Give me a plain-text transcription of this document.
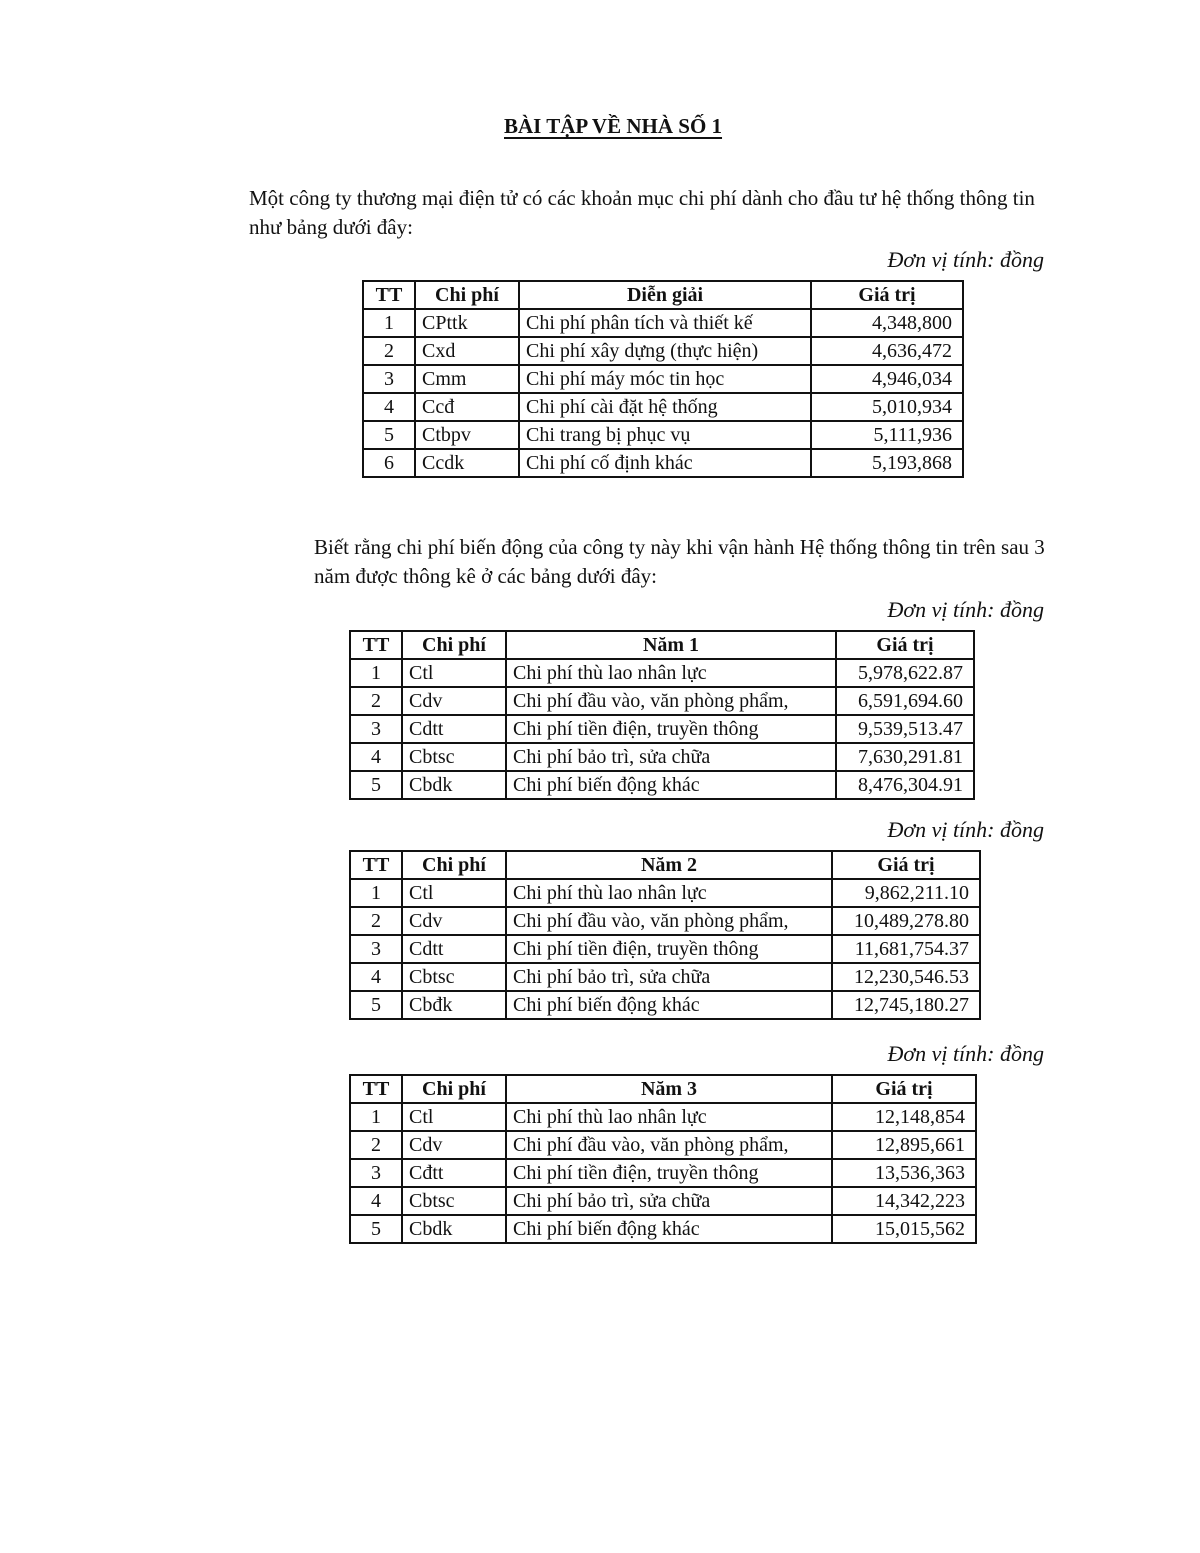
BÀI TẬP VỀ NHÀ SỐ 1

Một công ty thương mại điện tử có các khoản mục chi phí dành cho đầu tư hệ thống thông tin như bảng dưới đây:

Đơn vị tính: đồng

TT	Chi phí	Diễn giải	Giá trị
1	CPttk	Chi phí phân tích và thiết kế	4,348,800
2	Cxd	Chi phí xây dựng (thực hiện)	4,636,472
3	Cmm	Chi phí máy móc tin học	4,946,034
4	Ccđ	Chi phí cài đặt hệ thống	5,010,934
5	Ctbpv	Chi trang bị phục vụ	5,111,936
6	Ccdk	Chi phí cố định khác	5,193,868

Biết rằng chi phí biến động của công ty này khi vận hành Hệ thống thông tin trên sau 3 năm được thông kê ở các bảng dưới đây:

Đơn vị tính: đồng

TT	Chi phí	Năm 1	Giá trị
1	Ctl	Chi phí thù lao nhân lực	5,978,622.87
2	Cdv	Chi phí đầu vào, văn phòng phẩm,	6,591,694.60
3	Cdtt	Chi phí tiền điện, truyền thông	9,539,513.47
4	Cbtsc	Chi phí bảo trì, sửa chữa	7,630,291.81
5	Cbdk	Chi phí biến động khác	8,476,304.91

Đơn vị tính: đồng

TT	Chi phí	Năm 2	Giá trị
1	Ctl	Chi phí thù lao nhân lực	9,862,211.10
2	Cdv	Chi phí đầu vào, văn phòng phẩm,	10,489,278.80
3	Cdtt	Chi phí tiền điện, truyền thông	11,681,754.37
4	Cbtsc	Chi phí bảo trì, sửa chữa	12,230,546.53
5	Cbđk	Chi phí biến động khác	12,745,180.27

Đơn vị tính: đồng

TT	Chi phí	Năm 3	Giá trị
1	Ctl	Chi phí thù lao nhân lực	12,148,854
2	Cdv	Chi phí đầu vào, văn phòng phẩm,	12,895,661
3	Cđtt	Chi phí tiền điện, truyền thông	13,536,363
4	Cbtsc	Chi phí bảo trì, sửa chữa	14,342,223
5	Cbdk	Chi phí biến động khác	15,015,562
